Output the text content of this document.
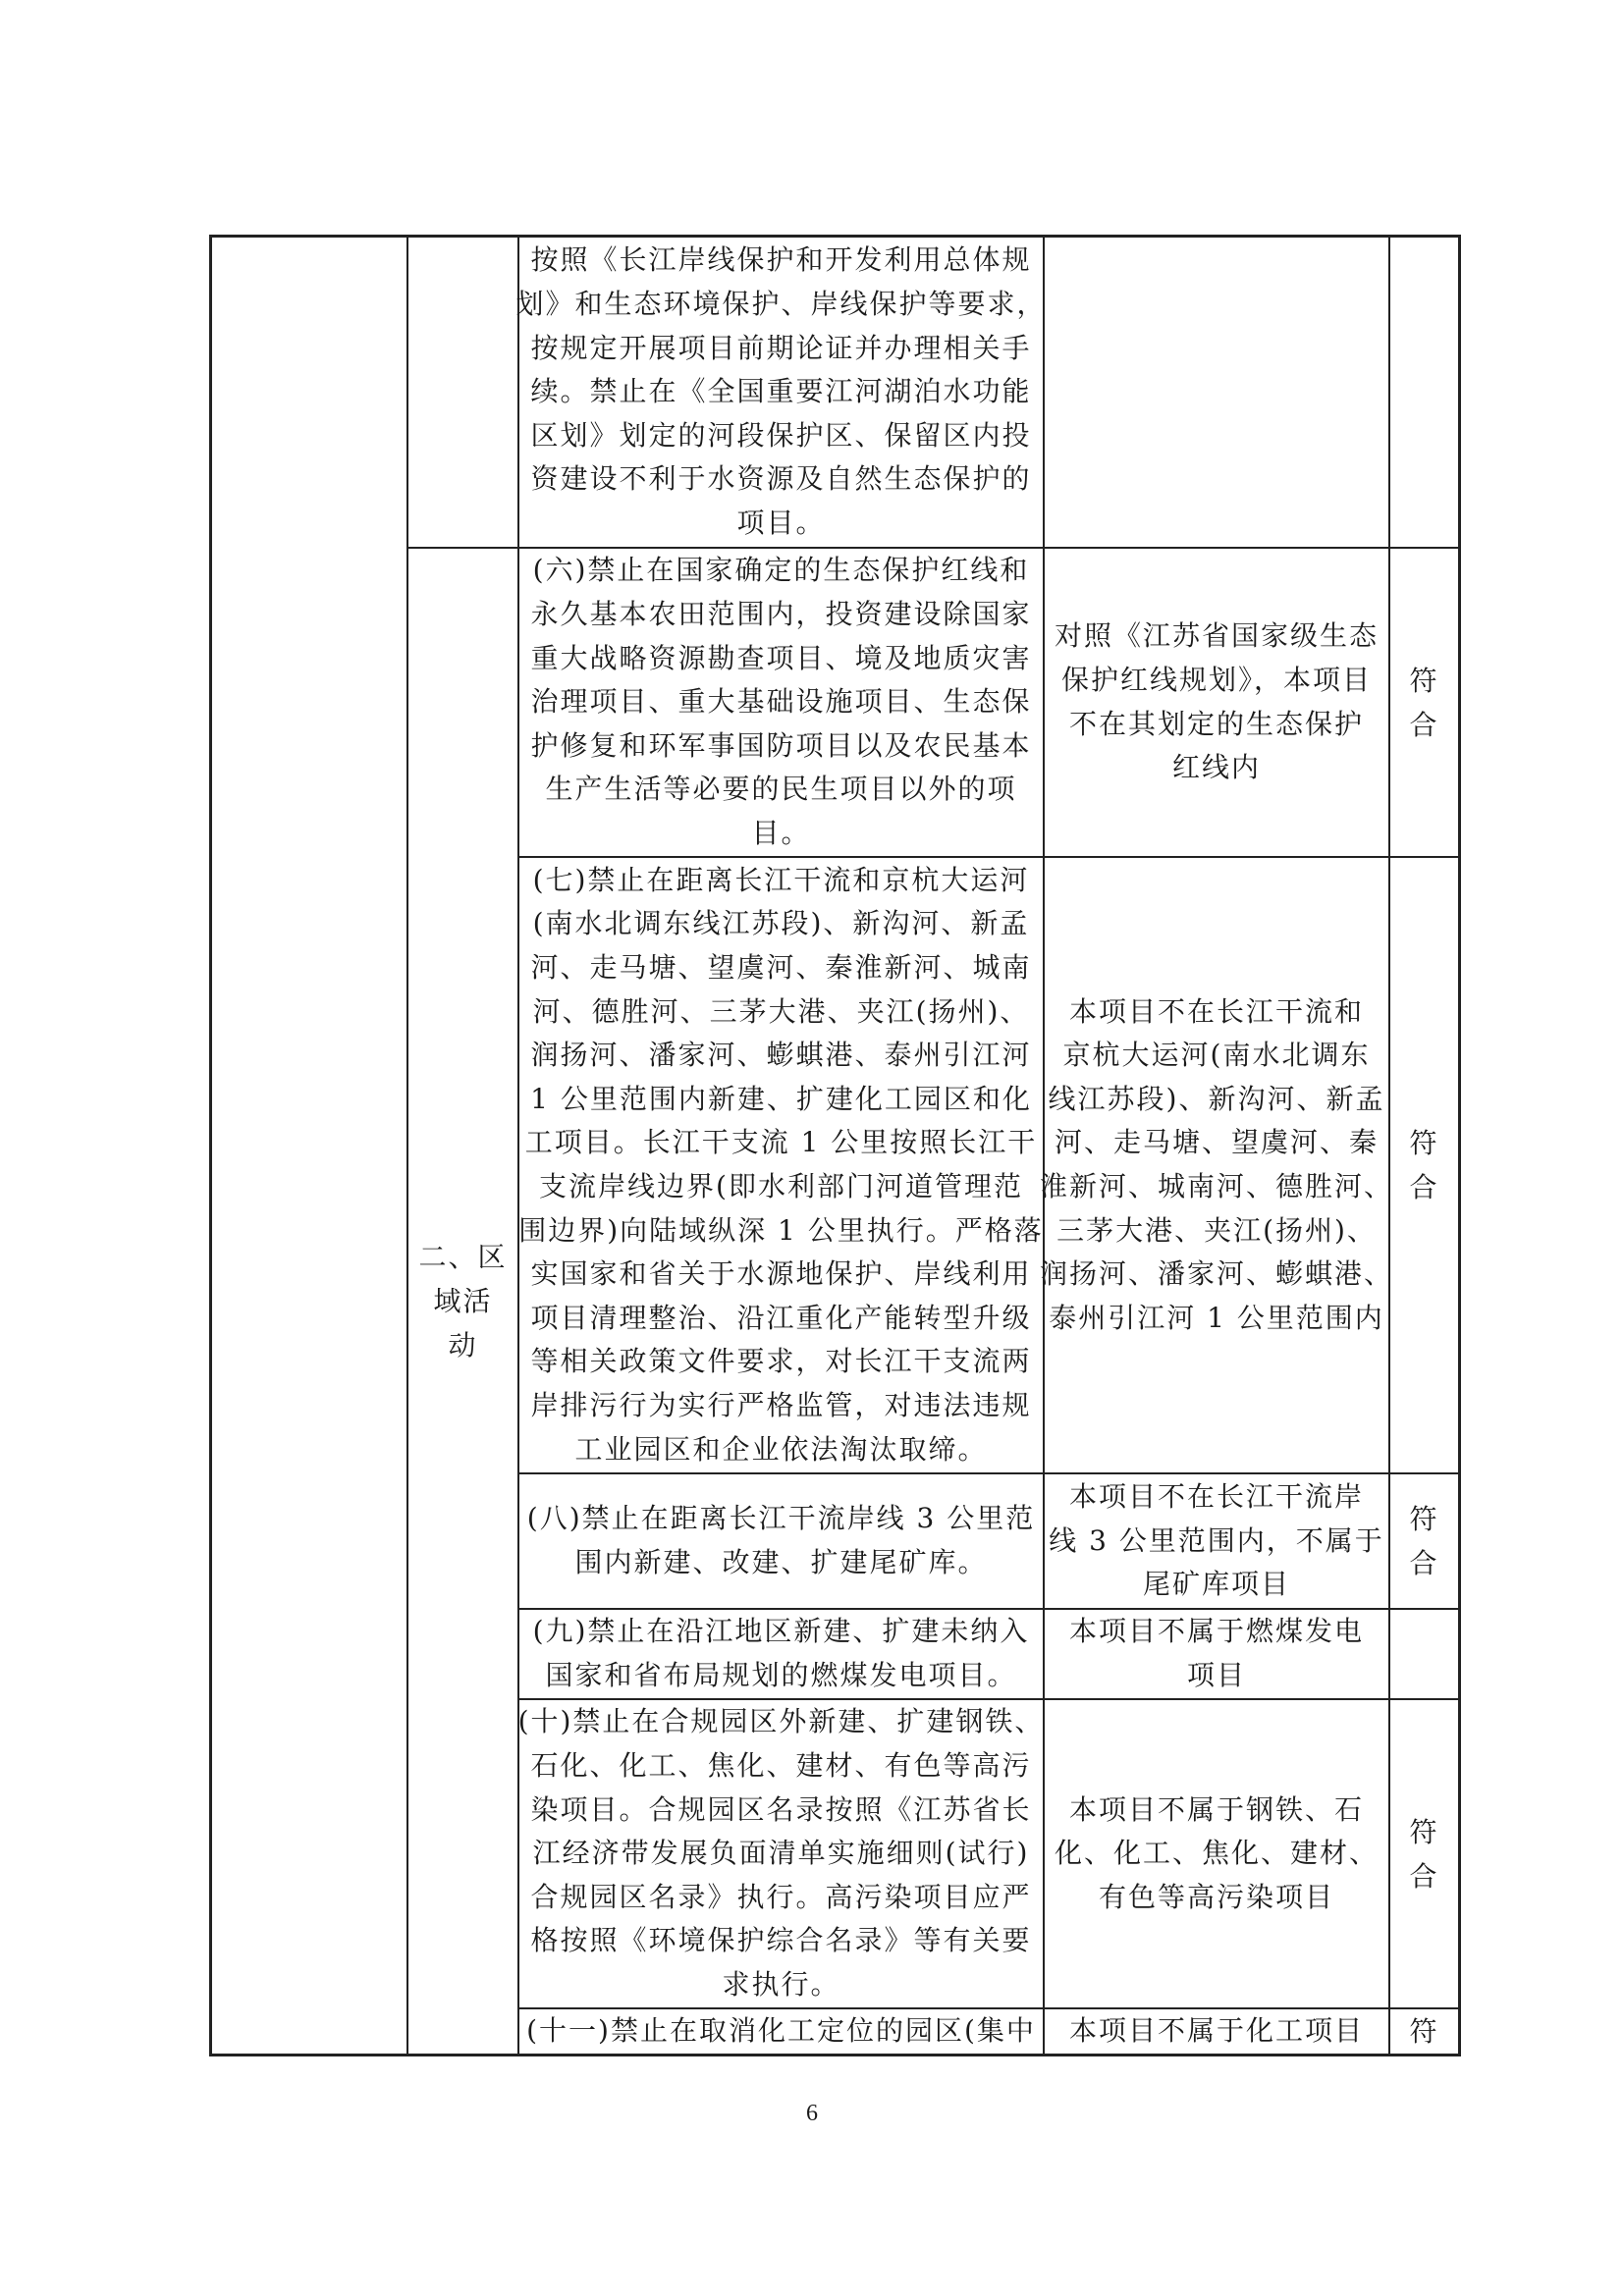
二、区
域活
动
按照《长江岸线保护和开发利用总体规
划》和生态环境保护、岸线保护等要求，
按规定开展项目前期论证并办理相关手
续。禁止在《全国重要江河湖泊水功能
区划》划定的河段保护区、保留区内投
资建设不利于水资源及自然生态保护的
项目。
(六)禁止在国家确定的生态保护红线和
永久基本农田范围内，投资建设除国家
重大战略资源勘查项目、境及地质灾害
治理项目、重大基础设施项目、生态保
护修复和环军事国防项目以及农民基本
生产生活等必要的民生项目以外的项
目。
对照《江苏省国家级生态
保护红线规划》，本项目
不在其划定的生态保护
红线内
符
合
(七)禁止在距离长江干流和京杭大运河
(南水北调东线江苏段)、新沟河、新孟
河、走马塘、望虞河、秦淮新河、城南
河、德胜河、三茅大港、夹江(扬州)、
润扬河、潘家河、蟛蜞港、泰州引江河
1 公里范围内新建、扩建化工园区和化
工项目。长江干支流 1 公里按照长江干
支流岸线边界(即水利部门河道管理范
围边界)向陆域纵深 1 公里执行。严格落
实国家和省关于水源地保护、岸线利用
项目清理整治、沿江重化产能转型升级
等相关政策文件要求，对长江干支流两
岸排污行为实行严格监管，对违法违规
工业园区和企业依法淘汰取缔。
本项目不在长江干流和
京杭大运河(南水北调东
线江苏段)、新沟河、新孟
河、走马塘、望虞河、秦
淮新河、城南河、德胜河、
三茅大港、夹江(扬州)、
润扬河、潘家河、蟛蜞港、
泰州引江河 1 公里范围内
符
合
(八)禁止在距离长江干流岸线 3 公里范
围内新建、改建、扩建尾矿库。
本项目不在长江干流岸
线 3 公里范围内，不属于
尾矿库项目
符
合
(九)禁止在沿江地区新建、扩建未纳入
国家和省布局规划的燃煤发电项目。
本项目不属于燃煤发电
项目
(十)禁止在合规园区外新建、扩建钢铁、
石化、化工、焦化、建材、有色等高污
染项目。合规园区名录按照《江苏省长
江经济带发展负面清单实施细则(试行)
合规园区名录》执行。高污染项目应严
格按照《环境保护综合名录》等有关要
求执行。
本项目不属于钢铁、石
化、化工、焦化、建材、
有色等高污染项目
符
合
(十一)禁止在取消化工定位的园区(集中 本项目不属于化工项目 符
6
